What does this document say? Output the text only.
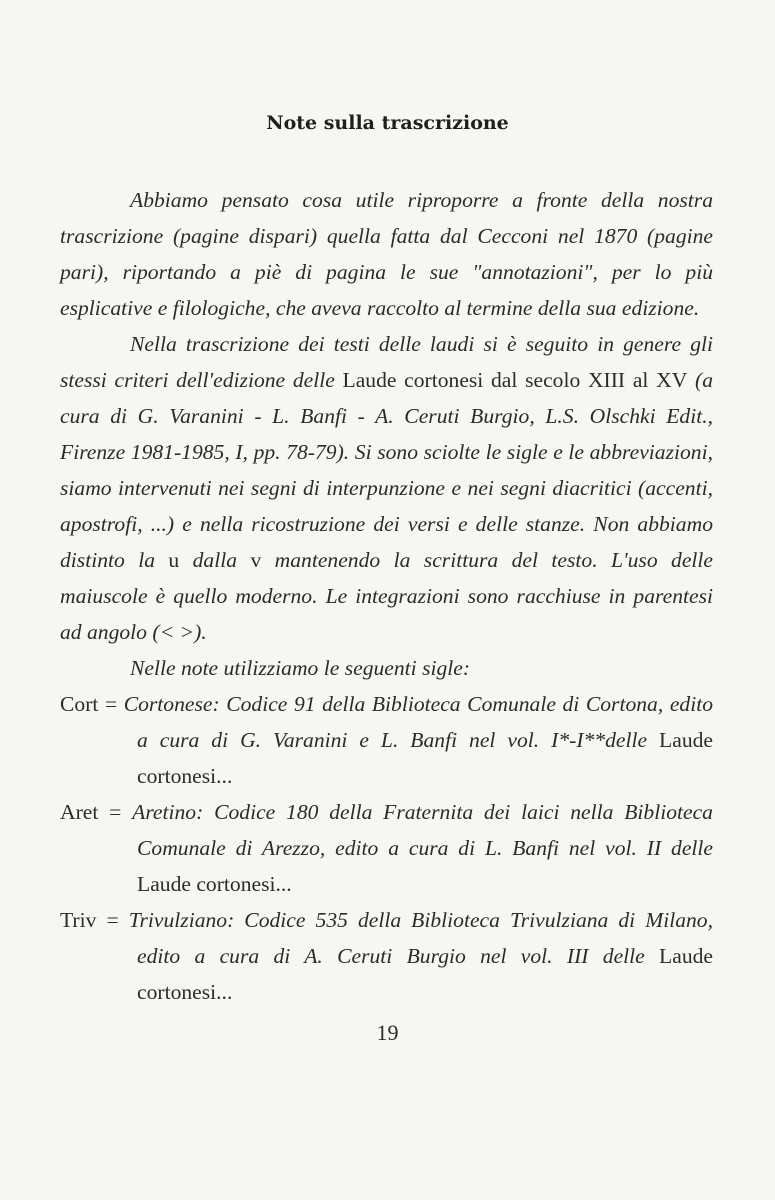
Note sulla trascrizione

Abbiamo pensato cosa utile riproporre a fronte della nostra trascrizione (pagine dispari) quella fatta dal Cecconi nel 1870 (pagine pari), riportando a piè di pagina le sue "annotazioni", per lo più esplicative e filologiche, che aveva raccolto al termine della sua edizione.

Nella trascrizione dei testi delle laudi si è seguito in genere gli stessi criteri dell'edizione delle Laude cortonesi dal secolo XIII al XV (a cura di G. Varanini - L. Banfi - A. Ceruti Burgio, L.S. Olschki Edit., Firenze 1981-1985, I, pp. 78-79). Si sono sciolte le sigle e le abbreviazioni, siamo intervenuti nei segni di interpunzione e nei segni diacritici (accenti, apostrofi, ...) e nella ricostruzione dei versi e delle stanze. Non abbiamo distinto la u dalla v mantenendo la scrittura del testo. L'uso delle maiuscole è quello moderno. Le integrazioni sono racchiuse in parentesi ad angolo (< >).

Nelle note utilizziamo le seguenti sigle:

Cort = Cortonese: Codice 91 della Biblioteca Comunale di Cortona, edito a cura di G. Varanini e L. Banfi nel vol. I*-I**delle Laude cortonesi...

Aret = Aretino: Codice 180 della Fraternita dei laici nella Biblioteca Comunale di Arezzo, edito a cura di L. Banfi nel vol. II delle Laude cortonesi...

Triv = Trivulziano: Codice 535 della Biblioteca Trivulziana di Milano, edito a cura di A. Ceruti Burgio nel vol. III delle Laude cortonesi...

19
